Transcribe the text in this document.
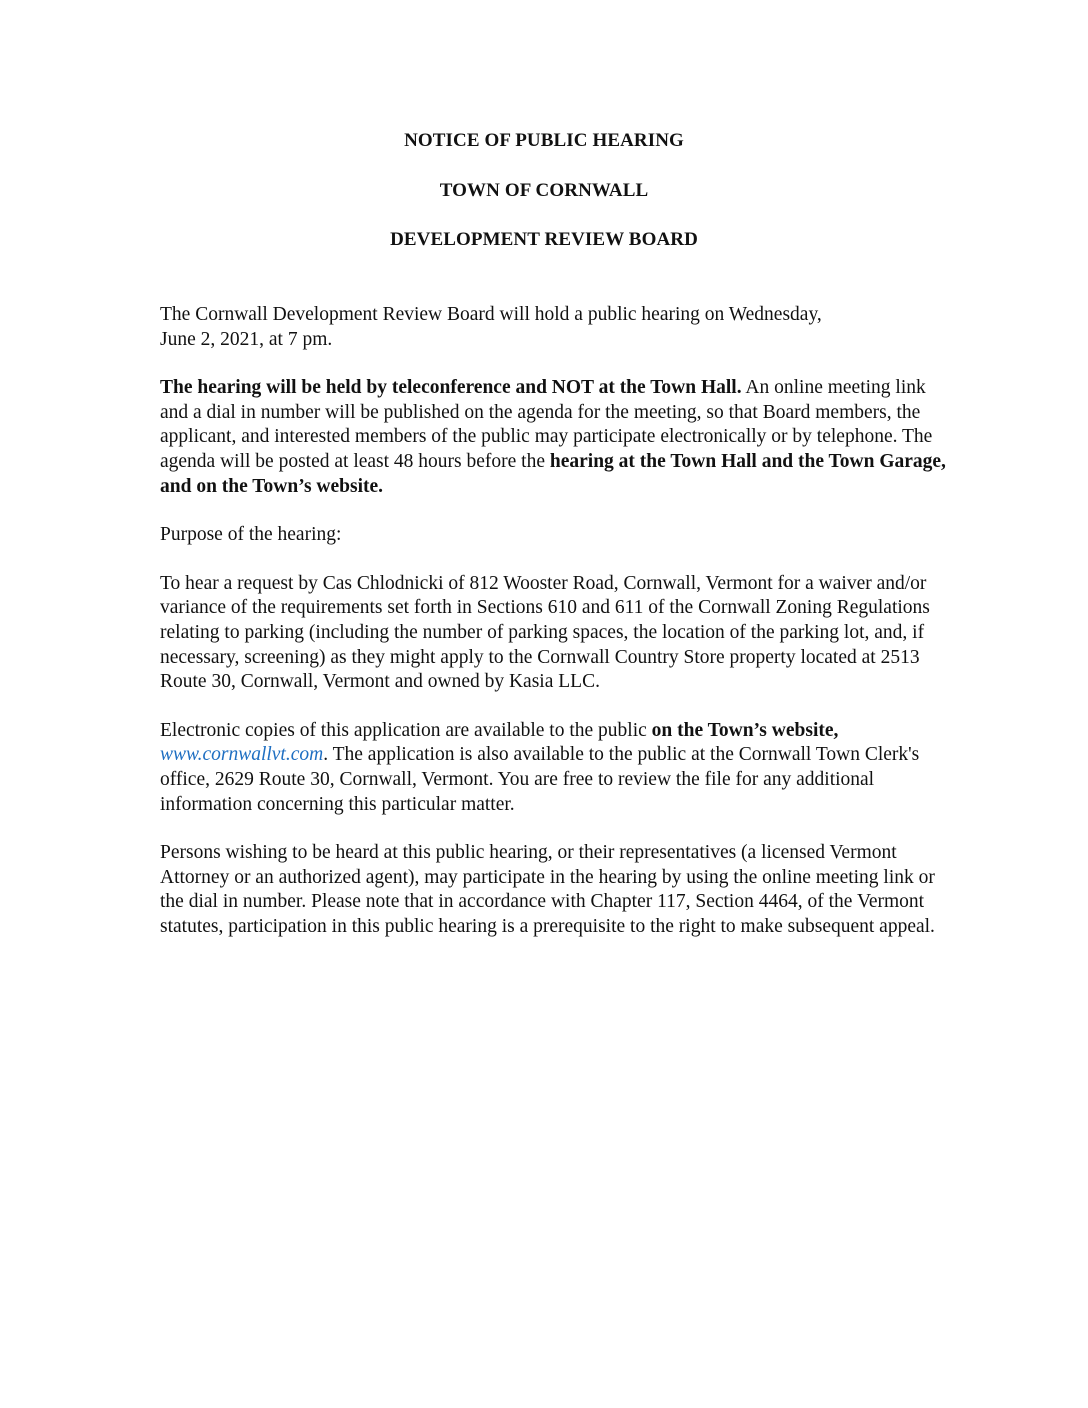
NOTICE OF PUBLIC HEARING
TOWN OF CORNWALL
DEVELOPMENT REVIEW BOARD

The Cornwall Development Review Board will hold a public hearing on Wednesday,
June 2, 2021, at 7 pm.

The hearing will be held by teleconference and NOT at the Town Hall. An online meeting link and a dial in number will be published on the agenda for the meeting, so that Board members, the applicant, and interested members of the public may participate electronically or by telephone. The agenda will be posted at least 48 hours before the hearing at the Town Hall and the Town Garage, and on the Town’s website.

Purpose of the hearing:

To hear a request by Cas Chlodnicki of 812 Wooster Road, Cornwall, Vermont for a waiver and/or variance of the requirements set forth in Sections 610 and 611 of the Cornwall Zoning Regulations relating to parking (including the number of parking spaces, the location of the parking lot, and, if necessary, screening) as they might apply to the Cornwall Country Store property located at 2513 Route 30, Cornwall, Vermont and owned by Kasia LLC.

Electronic copies of this application are available to the public on the Town’s website,
www.cornwallvt.com. The application is also available to the public at the Cornwall Town Clerk's office, 2629 Route 30, Cornwall, Vermont. You are free to review the file for any additional information concerning this particular matter.

Persons wishing to be heard at this public hearing, or their representatives (a licensed Vermont Attorney or an authorized agent), may participate in the hearing by using the online meeting link or the dial in number. Please note that in accordance with Chapter 117, Section 4464, of the Vermont statutes, participation in this public hearing is a prerequisite to the right to make subsequent appeal.
